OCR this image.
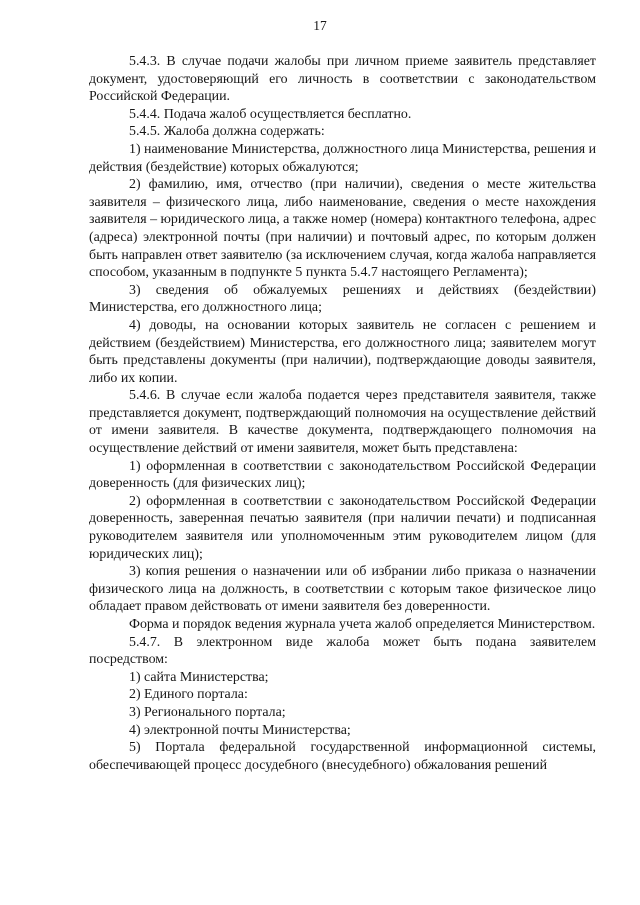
17

5.4.3. В случае подачи жалобы при личном приеме заявитель представляет документ, удостоверяющий его личность в соответствии с законодательством Российской Федерации.

5.4.4. Подача жалоб осуществляется бесплатно.

5.4.5. Жалоба должна содержать:

1) наименование Министерства, должностного лица Министерства, решения и действия (бездействие) которых обжалуются;

2) фамилию, имя, отчество (при наличии), сведения о месте жительства заявителя – физического лица, либо наименование, сведения о месте нахождения заявителя – юридического лица, а также номер (номера) контактного телефона, адрес (адреса) электронной почты (при наличии) и почтовый адрес, по которым должен быть направлен ответ заявителю (за исключением случая, когда жалоба направляется способом, указанным в подпункте 5 пункта 5.4.7 настоящего Регламента);

3) сведения об обжалуемых решениях и действиях (бездействии) Министерства, его должностного лица;

4) доводы, на основании которых заявитель не согласен с решением и действием (бездействием) Министерства, его должностного лица; заявителем могут быть представлены документы (при наличии), подтверждающие доводы заявителя, либо их копии.

5.4.6. В случае если жалоба подается через представителя заявителя, также представляется документ, подтверждающий полномочия на осуществление действий от имени заявителя. В качестве документа, подтверждающего полномочия на осуществление действий от имени заявителя, может быть представлена:

1) оформленная в соответствии с законодательством Российской Федерации доверенность (для физических лиц);

2) оформленная в соответствии с законодательством Российской Федерации доверенность, заверенная печатью заявителя (при наличии печати) и подписанная руководителем заявителя или уполномоченным этим руководителем лицом (для юридических лиц);

3) копия решения о назначении или об избрании либо приказа о назначении физического лица на должность, в соответствии с которым такое физическое лицо обладает правом действовать от имени заявителя без доверенности.

Форма и порядок ведения журнала учета жалоб определяется Министерством.

5.4.7. В электронном виде жалоба может быть подана заявителем посредством:

1) сайта Министерства;

2) Единого портала:

3) Регионального портала;

4) электронной почты Министерства;

5) Портала федеральной государственной информационной системы, обеспечивающей процесс досудебного (внесудебного) обжалования решений
